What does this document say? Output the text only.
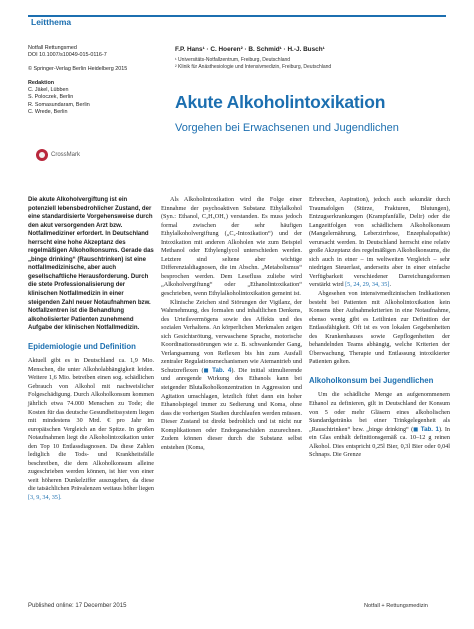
Leitthema
Notfall Rettungsmed
DOI 10.1007/s10049-015-0116-7
© Springer-Verlag Berlin Heidelberg 2015
Redaktion
C. Jäkel, Lübben
S. Poloczek, Berlin
R. Somasundaram, Berlin
C. Wrede, Berlin
CrossMark
F.P. Hans¹ · C. Hoeren² · B. Schmid¹ · H.-J. Busch¹
¹ Universitäts-Notfallzentrum, Freiburg, Deutschland
² Klinik für Anästhesiologie und Intensivmedizin, Freiburg, Deutschland
Akute Alkoholintoxikation
Vorgehen bei Erwachsenen und Jugendlichen

Die akute Alkoholvergiftung ist ein potenziell lebensbedrohlicher Zustand, der eine standardisierte Vorgehensweise durch den akut versorgenden Arzt bzw. Notfallmediziner erfordert. In Deutschland herrscht eine hohe Akzeptanz des regelmäßigen Alkoholkonsums. Gerade das „binge drinking“ (Rauschtrinken) ist eine notfallmedizinische, aber auch gesellschaftliche Herausforderung. Durch die stete Professionalisierung der klinischen Notfallmedizin in einer steigenden Zahl neuer Notaufnahmen bzw. Notfallzentren ist die Behandlung alkoholisierter Patienten zunehmend Aufgabe der klinischen Notfallmedizin.

Epidemiologie und Definition

Aktuell gibt es in Deutschland ca. 1,9 Mio. Menschen, die unter Alkoholabhängigkeit leiden. Weitere 1,6 Mio. betreiben einen sog. schädlichen Gebrauch von Alkohol mit nachweislicher Folgeschädigung. Durch Alkoholkonsum kommen jährlich etwa 74.000 Menschen zu Tode; die Kosten für das deutsche Gesundheitssystem liegen mit mindestens 30 Mrd. € pro Jahr im europäischen Vergleich an der Spitze. In großen Notaufnahmen liegt die Alkoholintoxikation unter den Top 10 Entlassdiagnosen. Da diese Zahlen lediglich die Tods- und Krankheitsfälle beschreiben, die dem Alkoholkonsum alleine zugeschrieben werden können, ist hier von einer weit höheren Dunkelziffer auszugehen, da diese die tatsächlichen Prävalenzen weitaus höher liegen [3, 9, 34, 35].

Als Alkoholintoxikation wird die Folge einer Einnahme der psychoaktiven Substanz Ethylalkohol (Syn.: Ethanol, C₂H₅OH₁) verstanden. Es muss jedoch formal zwischen der sehr häufigen Ethylalkoholvergiftung („C₂-Intoxikation“) und der Intoxikation mit anderen Alkoholen wie zum Beispiel Methanol oder Ethylenglycol unterschieden werden. Letztere sind seltene aber wichtige Differenzialdiagnosen, die im Abschn. „Metabolismus“ besprochen werden. Dem Lesefluss zuliebe wird „Alkoholvergiftung“ oder „Ethanolintoxikation“ geschrieben, wenn Ethylalkoholintoxikation gemeint ist.

Klinische Zeichen sind Störungen der Vigilanz, der Wahrnehmung, des formalen und inhaltlichen Denkens, des Urteilsvermögens sowie des Affekts und des sozialen Verhaltens. An körperlichen Merkmalen zeigen sich Gesichtsrötung, verwaschene Sprache, motorische Koordinationsstörungen wie z. B. schwankender Gang, Verlangsamung von Reflexen bis hin zum Ausfall zentraler Regulationsmechanismen wie Atemantrieb und Schutzreflexen (◼ Tab. 4). Die initial stimulierende und anregende Wirkung des Ethanols kann bei steigender Blutalkoholkonzentration in Aggression und Agitation umschlagen, letztlich führt dann ein hoher Ethanolspiegel immer zu Sedierung und Koma, ohne dass die vorherigen Stadien durchlaufen werden müssen. Dieser Zustand ist direkt bedrohlich und ist nicht nur Komplikationen oder Endorganschäden zuzurechnen. Zudem können dieser durch die Substanz selbst entstehen (Koma,

Erbrechen, Aspiration), jedoch auch sekundär durch Traumafolgen (Stürze, Frakturen, Blutungen), Entzugserkrankungen (Krampfanfälle, Delir) oder die Langzeitfolgen von schädlichem Alkoholkonsum (Mangelernährung, Leberzirrhose, Enzephalopathie) verursacht werden. In Deutschland herrscht eine relativ große Akzeptanz des regelmäßigen Alkoholkonsums, die sich auch in einer – im weltweiten Vergleich – sehr niedrigen Steuerlast, anderseits aber in einer einfache Verfügbarkeit verschiedener Darreichungsformen verstärkt wird [5, 24, 29, 34, 35].

Abgesehen von intensivmedizinischen Indikationen besteht bei Patienten mit Alkoholintoxikation kein Konsens über Aufnahmekriterien in eine Notaufnahme, ebenso wenig gibt es Leitlinien zur Definition der Entlassfähigkeit. Oft ist es von lokalen Gegebenheiten des Krankenhauses sowie Gepflogenheiten der behandelnden Teams abhängig, welche Kriterien der Überwachung, Therapie und Entlassung intoxikierter Patienten gelten.

Alkoholkonsum bei Jugendlichen

Um die schädliche Menge an aufgenommenem Ethanol zu definieren, gilt in Deutschland der Konsum von 5 oder mehr Gläsern eines alkoholischen Standardgetränks bei einer Trinkgelegenheit als „Rauschtrinken“ bzw. „binge drinking“ (◼ Tab. 1). In ein Glas enthält definitionsgemäß ca. 10–12 g reinen Alkohol. Dies entspricht 0,25l Bier, 0,3l Bier oder 0,04l Schnaps. Die Grenze

Published online: 17 December 2015	Notfall + Rettungsmedizin
